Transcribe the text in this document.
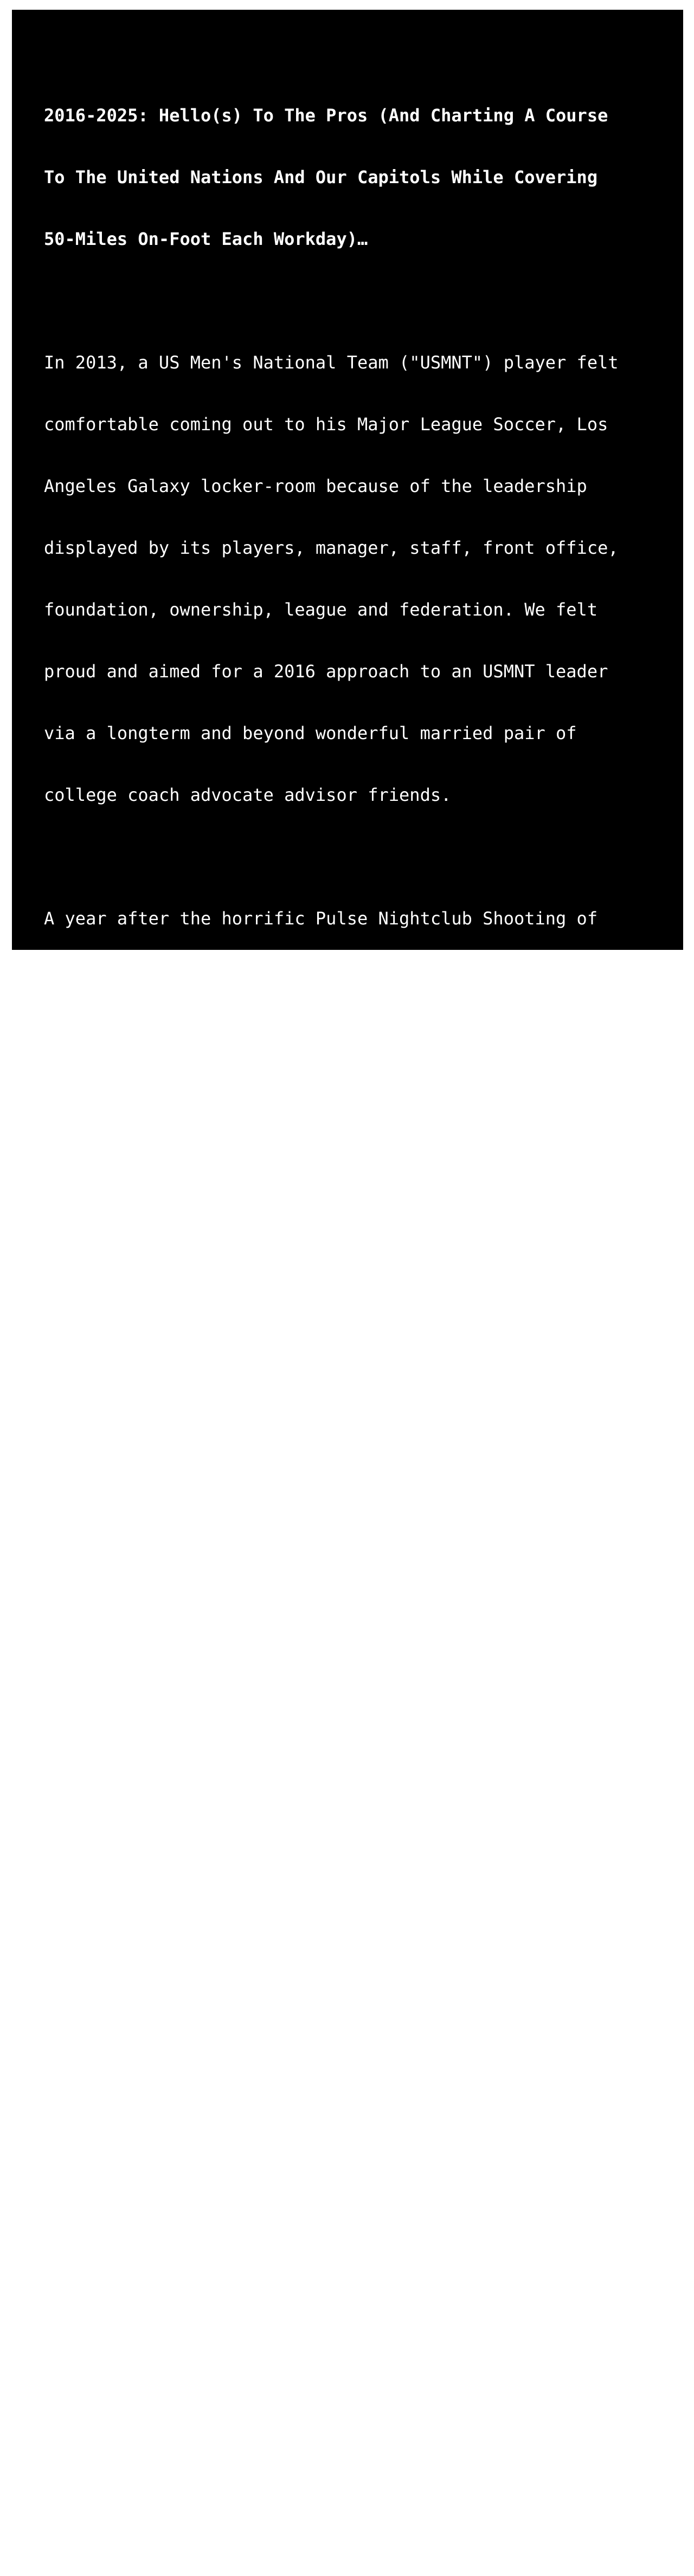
2016-2025: Hello(s) To The Pros (And Charting A Course

To The United Nations And Our Capitols While Covering

50-Miles On-Foot Each Workday)…

In 2013, a US Men's National Team ("USMNT") player felt

comfortable coming out to his Major League Soccer, Los

Angeles Galaxy locker-room because of the leadership

displayed by its players, manager, staff, front office,

foundation, ownership, league and federation. We felt

proud and aimed for a 2016 approach to an USMNT leader

via a longterm and beyond wonderful married pair of

college coach advocate advisor friends.

A year after the horrific Pulse Nightclub Shooting of

June 12, 2016, and the USMNT/USWNT's first-ever, broad-

based, public advocacy campaign for LGBTQIA+ Rights, we

met with a USMNT’s self-effacing, coalition-building

leader for a few hours in a truth-be-told-lightning-

struck-upon-toasting-our-double-espressos (powerless,

dark corner of a) Starbucks on June 24, 2017.

From 2016 through 2019, working and living out of our

org’s Sprinter Mobile Office, we were fortunate to meet

across The States and Canada with hundreds of pro

players across Major League Soccer, The National

Women's Soccer League, The United Soccer Leagues and

The Canadian Premier League.

We formed a pro player advocate advisory in late 2018.

In 2019, we met in-person with 65+ pro locker-rooms for

a few minutes each, and in late October of that year I

had to come off the road to care for and eventually

help my dad pass legally and ethically from

degenerative brain disease in the late summer of The

Covid-19-Pandemic Isolation Of 2020.

A full human gestational period prior, and quite

proactively and preemptively, starting MLK Week of

2020, we moved to a safe, effective and successful CV19
